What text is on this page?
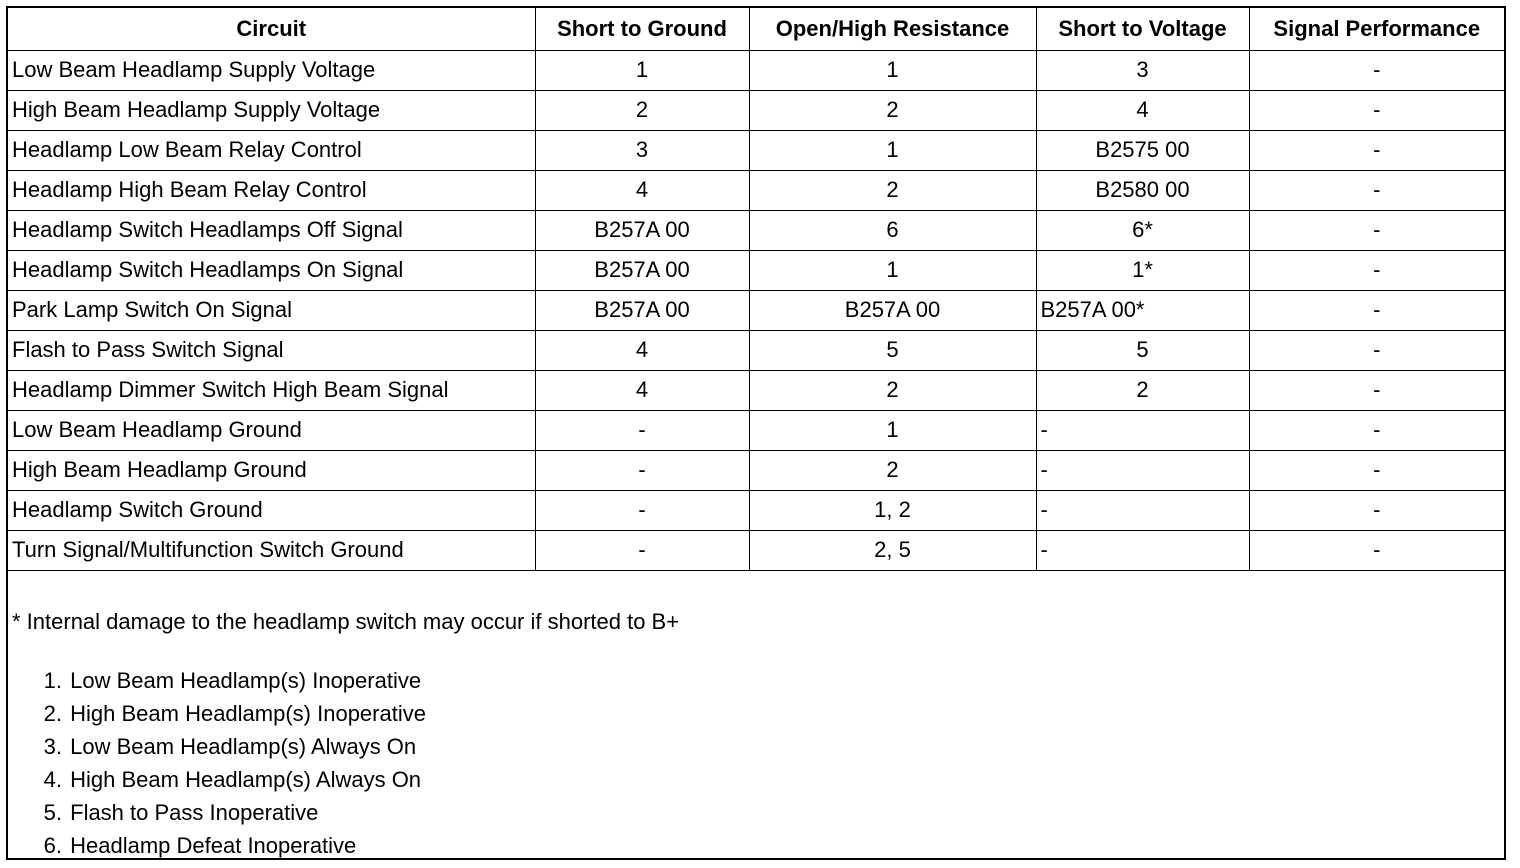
Circuit	Short to Ground	Open/High Resistance	Short to Voltage	Signal Performance
Low Beam Headlamp Supply Voltage	1	1	3	-
High Beam Headlamp Supply Voltage	2	2	4	-
Headlamp Low Beam Relay Control	3	1	B2575 00	-
Headlamp High Beam Relay Control	4	2	B2580 00	-
Headlamp Switch Headlamps Off Signal	B257A 00	6	6*	-
Headlamp Switch Headlamps On Signal	B257A 00	1	1*	-
Park Lamp Switch On Signal	B257A 00	B257A 00	B257A 00*	-
Flash to Pass Switch Signal	4	5	5	-
Headlamp Dimmer Switch High Beam Signal	4	2	2	-
Low Beam Headlamp Ground	-	1	-	-
High Beam Headlamp Ground	-	2	-	-
Headlamp Switch Ground	-	1, 2	-	-
Turn Signal/Multifunction Switch Ground	-	2, 5	-	-
* Internal damage to the headlamp switch may occur if shorted to B+
1. Low Beam Headlamp(s) Inoperative
2. High Beam Headlamp(s) Inoperative
3. Low Beam Headlamp(s) Always On
4. High Beam Headlamp(s) Always On
5. Flash to Pass Inoperative
6. Headlamp Defeat Inoperative
